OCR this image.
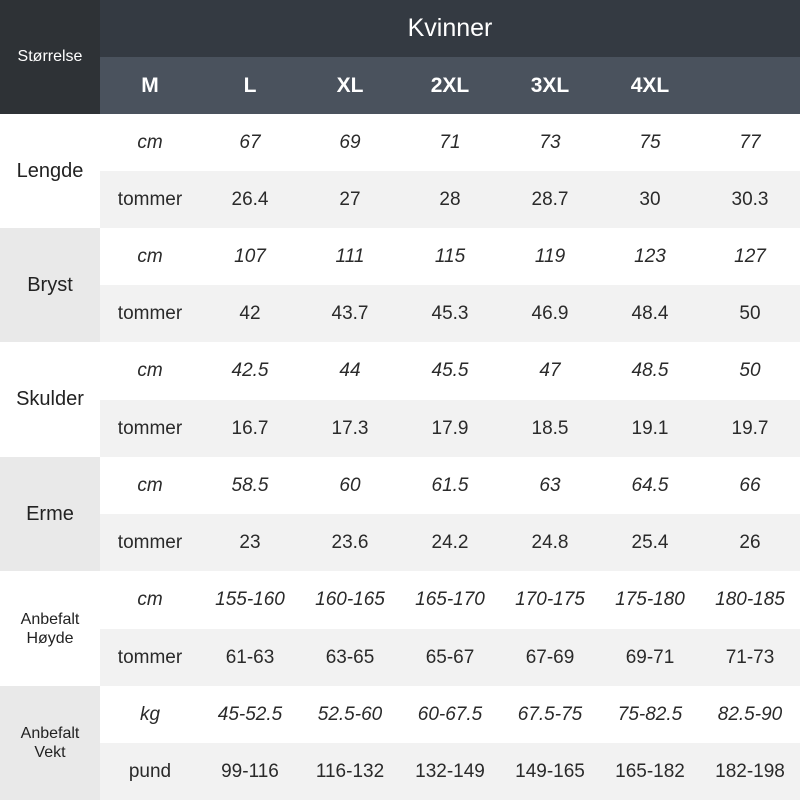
Størrelse
Kvinner
M	L	XL	2XL	3XL	4XL
Lengde
cm	67	69	71	73	75	77
tommer	26.4	27	28	28.7	30	30.3
Bryst
cm	107	111	115	119	123	127
tommer	42	43.7	45.3	46.9	48.4	50
Skulder
cm	42.5	44	45.5	47	48.5	50
tommer	16.7	17.3	17.9	18.5	19.1	19.7
Erme
cm	58.5	60	61.5	63	64.5	66
tommer	23	23.6	24.2	24.8	25.4	26
Anbefalt
Høyde
cm	155-160	160-165	165-170	170-175	175-180	180-185
tommer	61-63	63-65	65-67	67-69	69-71	71-73
Anbefalt
Vekt
kg	45-52.5	52.5-60	60-67.5	67.5-75	75-82.5	82.5-90
pund	99-116	116-132	132-149	149-165	165-182	182-198
